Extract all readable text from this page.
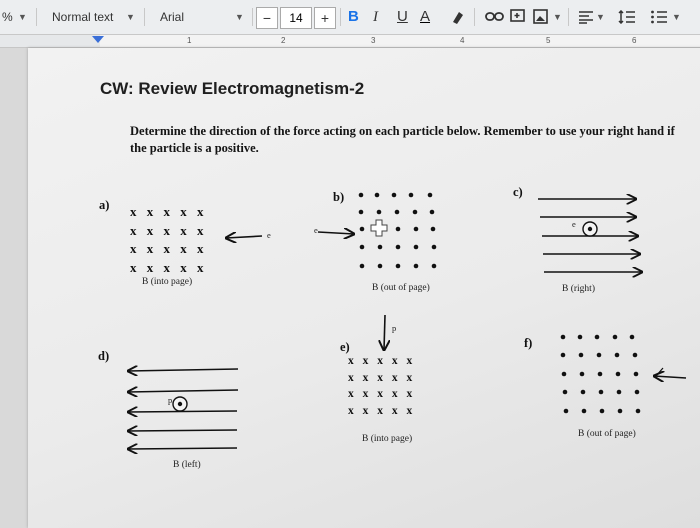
% ▼ Normal text ▼ Arial	▼	−	14	+	B I U A	▼	▼	▼
1	2	3	4	5	6
CW: Review Electromagnetism-2
Determine the direction of the force acting on each particle below. Remember to use your right hand if the particle is a positive.
a)
b)	c)
d)
e)	f)
x x x x x
x x x x x
x x x x x
x x x x x
e
B (into page)
e
B (out of page)
e
B (right)
p
B (left)
p
x x x x x
x x x x x
x x x x x
x x x x x
B (into page)	B (out of page)
